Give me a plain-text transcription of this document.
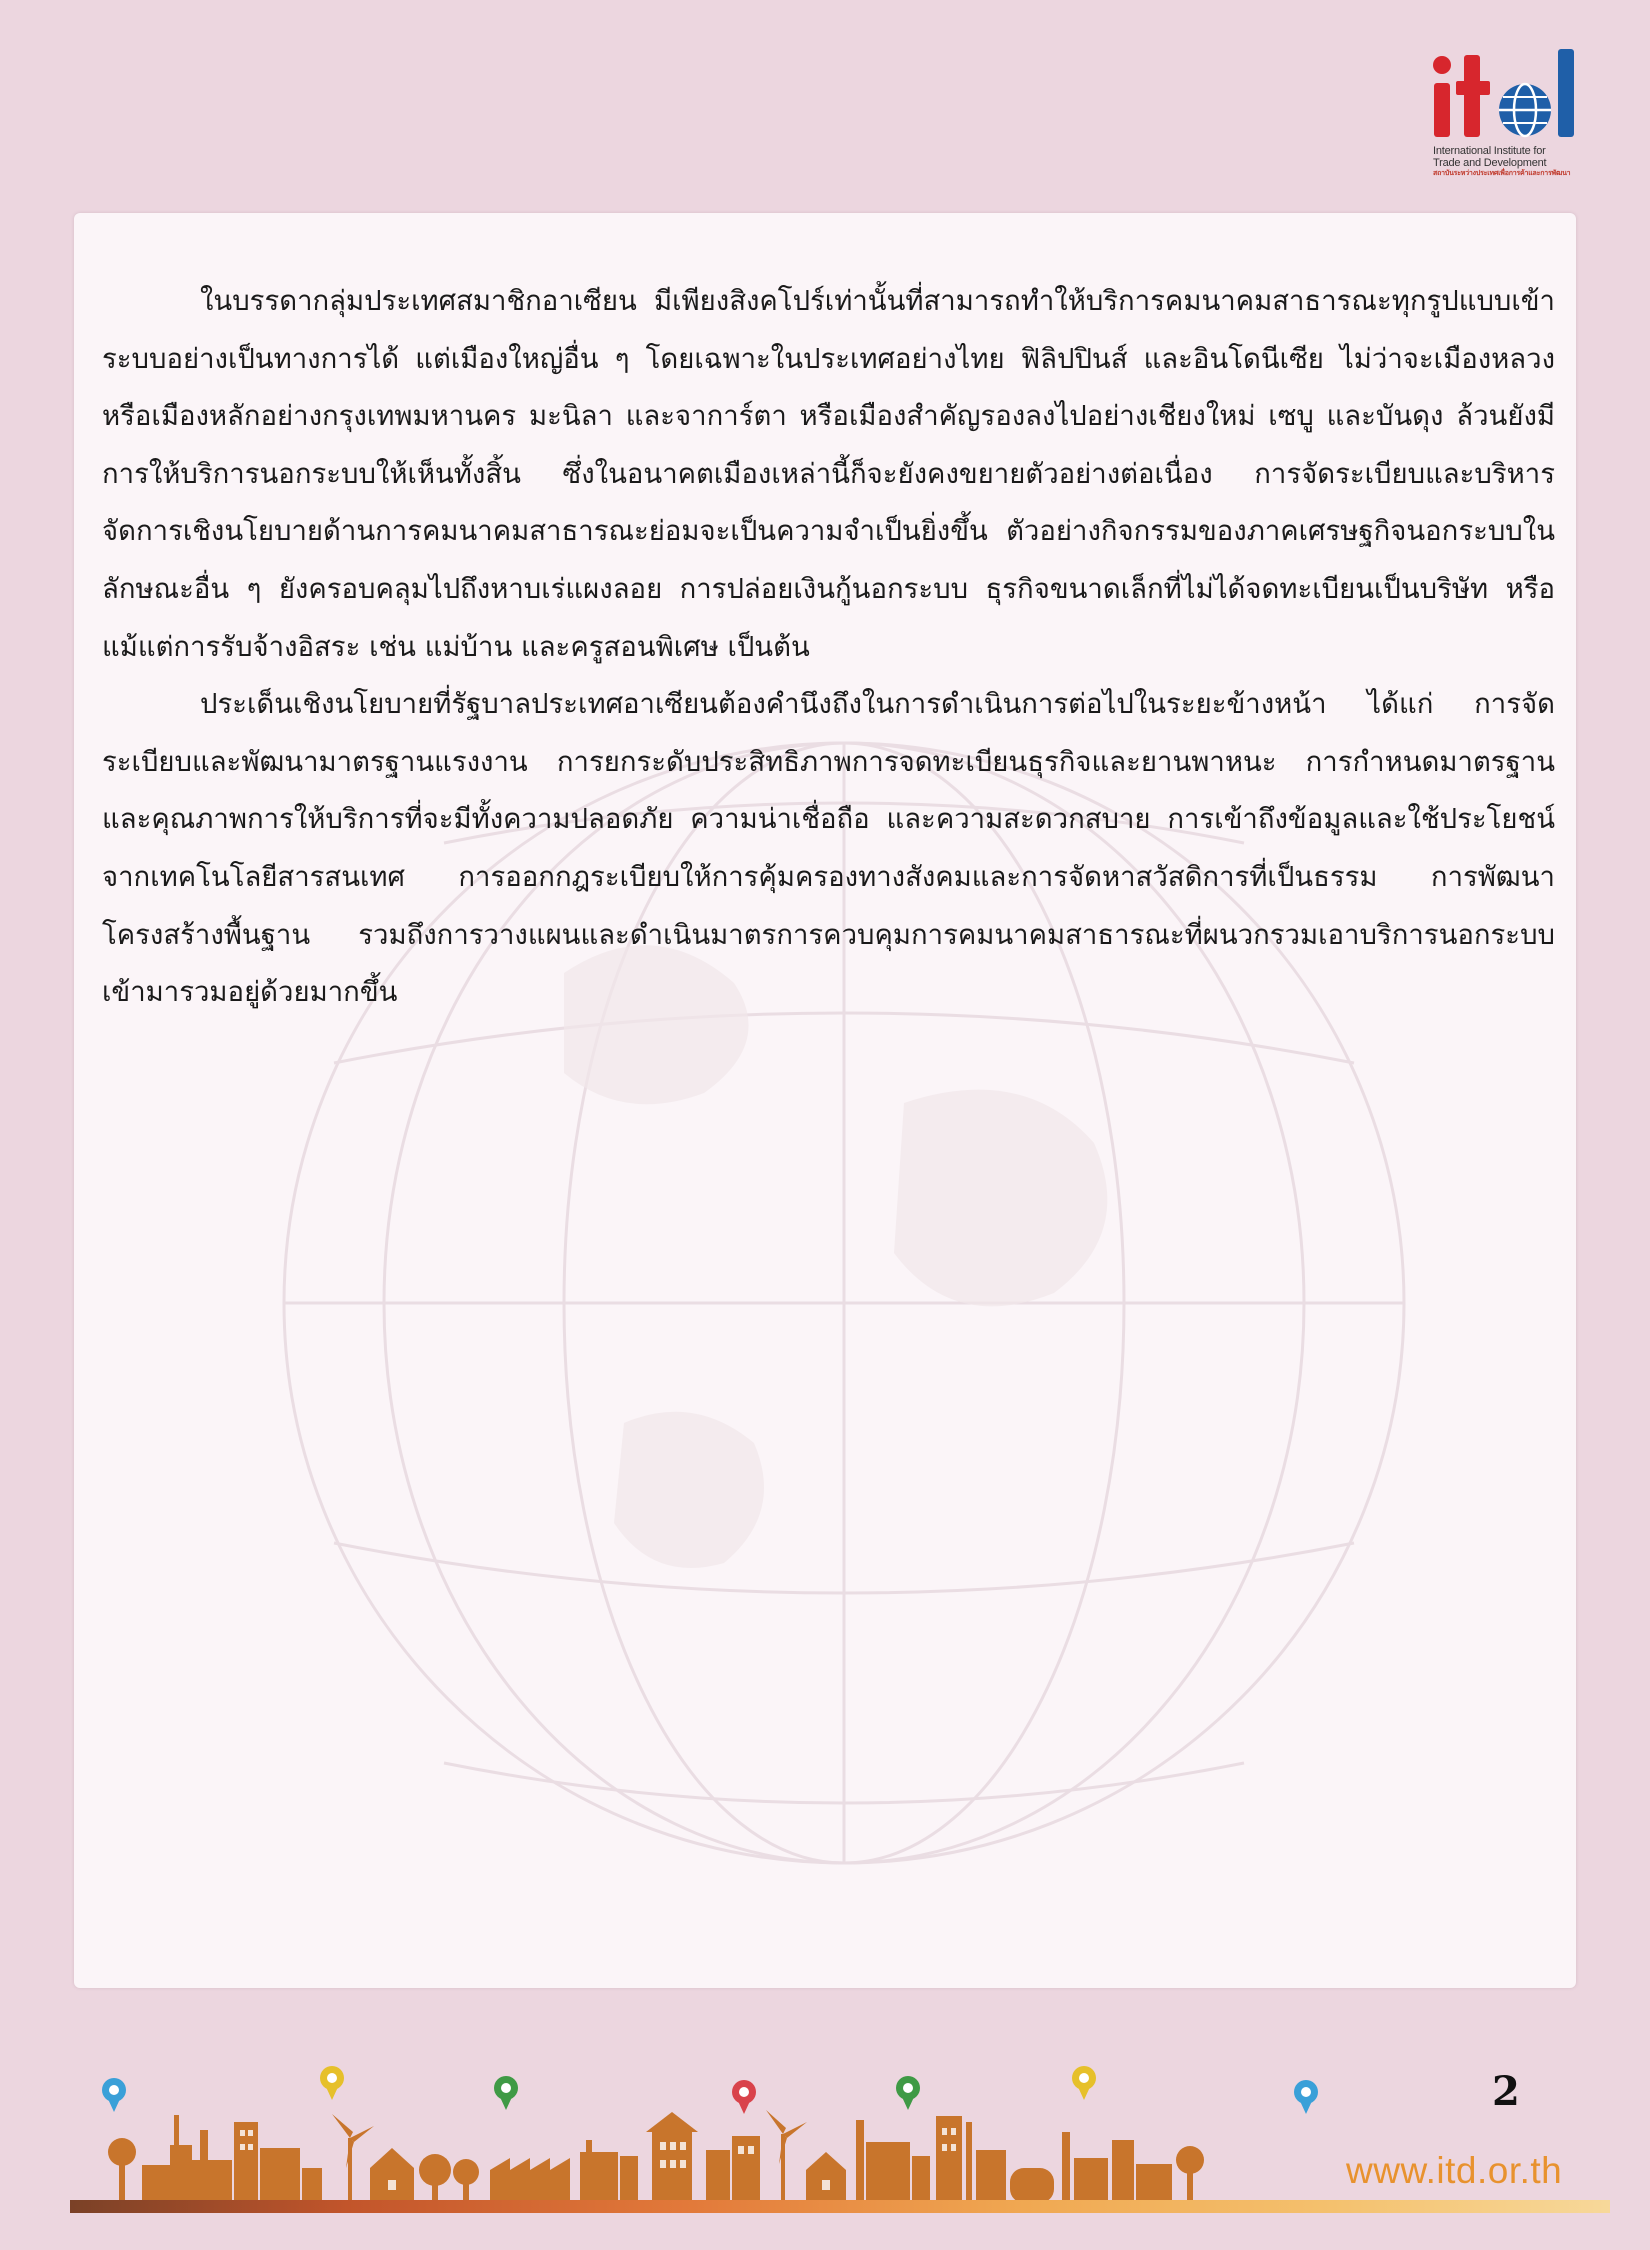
International Institute for
Trade and Development
สถาบันระหว่างประเทศเพื่อการค้าและการพัฒนา

ในบรรดากลุ่มประเทศสมาชิกอาเซียน มีเพียงสิงคโปร์เท่านั้นที่สามารถทำให้บริการคมนาคมสาธารณะทุกรูปแบบเข้าระบบอย่างเป็นทางการได้ แต่เมืองใหญ่อื่น ๆ โดยเฉพาะในประเทศอย่างไทย ฟิลิปปินส์ และอินโดนีเซีย ไม่ว่าจะเมืองหลวงหรือเมืองหลักอย่างกรุงเทพมหานคร มะนิลา และจาการ์ตา หรือเมืองสำคัญรองลงไปอย่างเชียงใหม่ เซบู และบันดุง ล้วนยังมีการให้บริการนอกระบบให้เห็นทั้งสิ้น ซึ่งในอนาคตเมืองเหล่านี้ก็จะยังคงขยายตัวอย่างต่อเนื่อง การจัดระเบียบและบริหารจัดการเชิงนโยบายด้านการคมนาคมสาธารณะย่อมจะเป็นความจำเป็นยิ่งขึ้น ตัวอย่างกิจกรรมของภาคเศรษฐกิจนอกระบบในลักษณะอื่น ๆ ยังครอบคลุมไปถึงหาบเร่แผงลอย การปล่อยเงินกู้นอกระบบ ธุรกิจขนาดเล็กที่ไม่ได้จดทะเบียนเป็นบริษัท หรือแม้แต่การรับจ้างอิสระ เช่น แม่บ้าน และครูสอนพิเศษ เป็นต้น

ประเด็นเชิงนโยบายที่รัฐบาลประเทศอาเซียนต้องคำนึงถึงในการดำเนินการต่อไปในระยะข้างหน้า ได้แก่ การจัดระเบียบและพัฒนามาตรฐานแรงงาน การยกระดับประสิทธิภาพการจดทะเบียนธุรกิจและยานพาหนะ การกำหนดมาตรฐานและคุณภาพการให้บริการที่จะมีทั้งความปลอดภัย ความน่าเชื่อถือ และความสะดวกสบาย การเข้าถึงข้อมูลและใช้ประโยชน์จากเทคโนโลยีสารสนเทศ การออกกฎระเบียบให้การคุ้มครองทางสังคมและการจัดหาสวัสดิการที่เป็นธรรม การพัฒนาโครงสร้างพื้นฐาน รวมถึงการวางแผนและดำเนินมาตรการควบคุมการคมนาคมสาธารณะที่ผนวกรวมเอาบริการนอกระบบเข้ามารวมอยู่ด้วยมากขึ้น

2
www.itd.or.th
